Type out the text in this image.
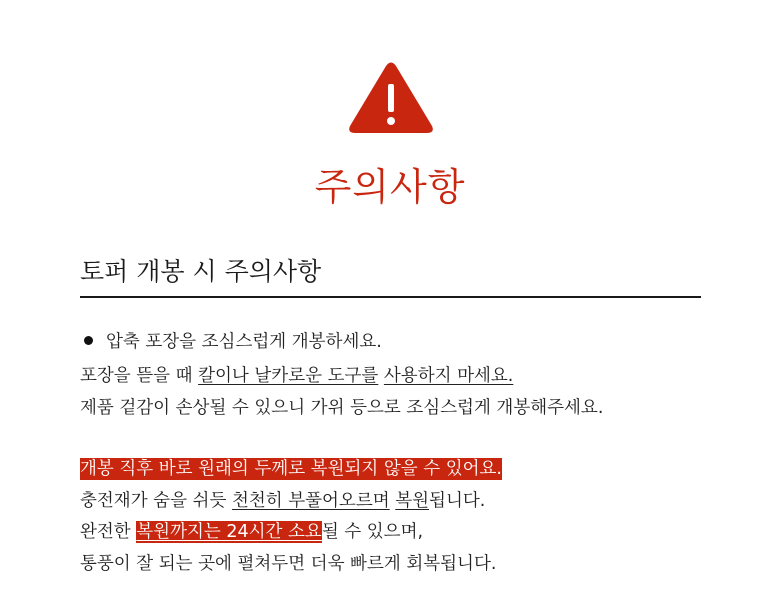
주의사항
토퍼 개봉 시 주의사항
압축 포장을 조심스럽게 개봉하세요.
포장을 뜯을 때 칼이나 날카로운 도구를 사용하지 마세요.
제품 겉감이 손상될 수 있으니 가위 등으로 조심스럽게 개봉해주세요.
개봉 직후 바로 원래의 두께로 복원되지 않을 수 있어요.
충전재가 숨을 쉬듯 천천히 부풀어오르며 복원됩니다.
완전한 복원까지는 24시간 소요될 수 있으며,
통풍이 잘 되는 곳에 펼쳐두면 더욱 빠르게 회복됩니다.
